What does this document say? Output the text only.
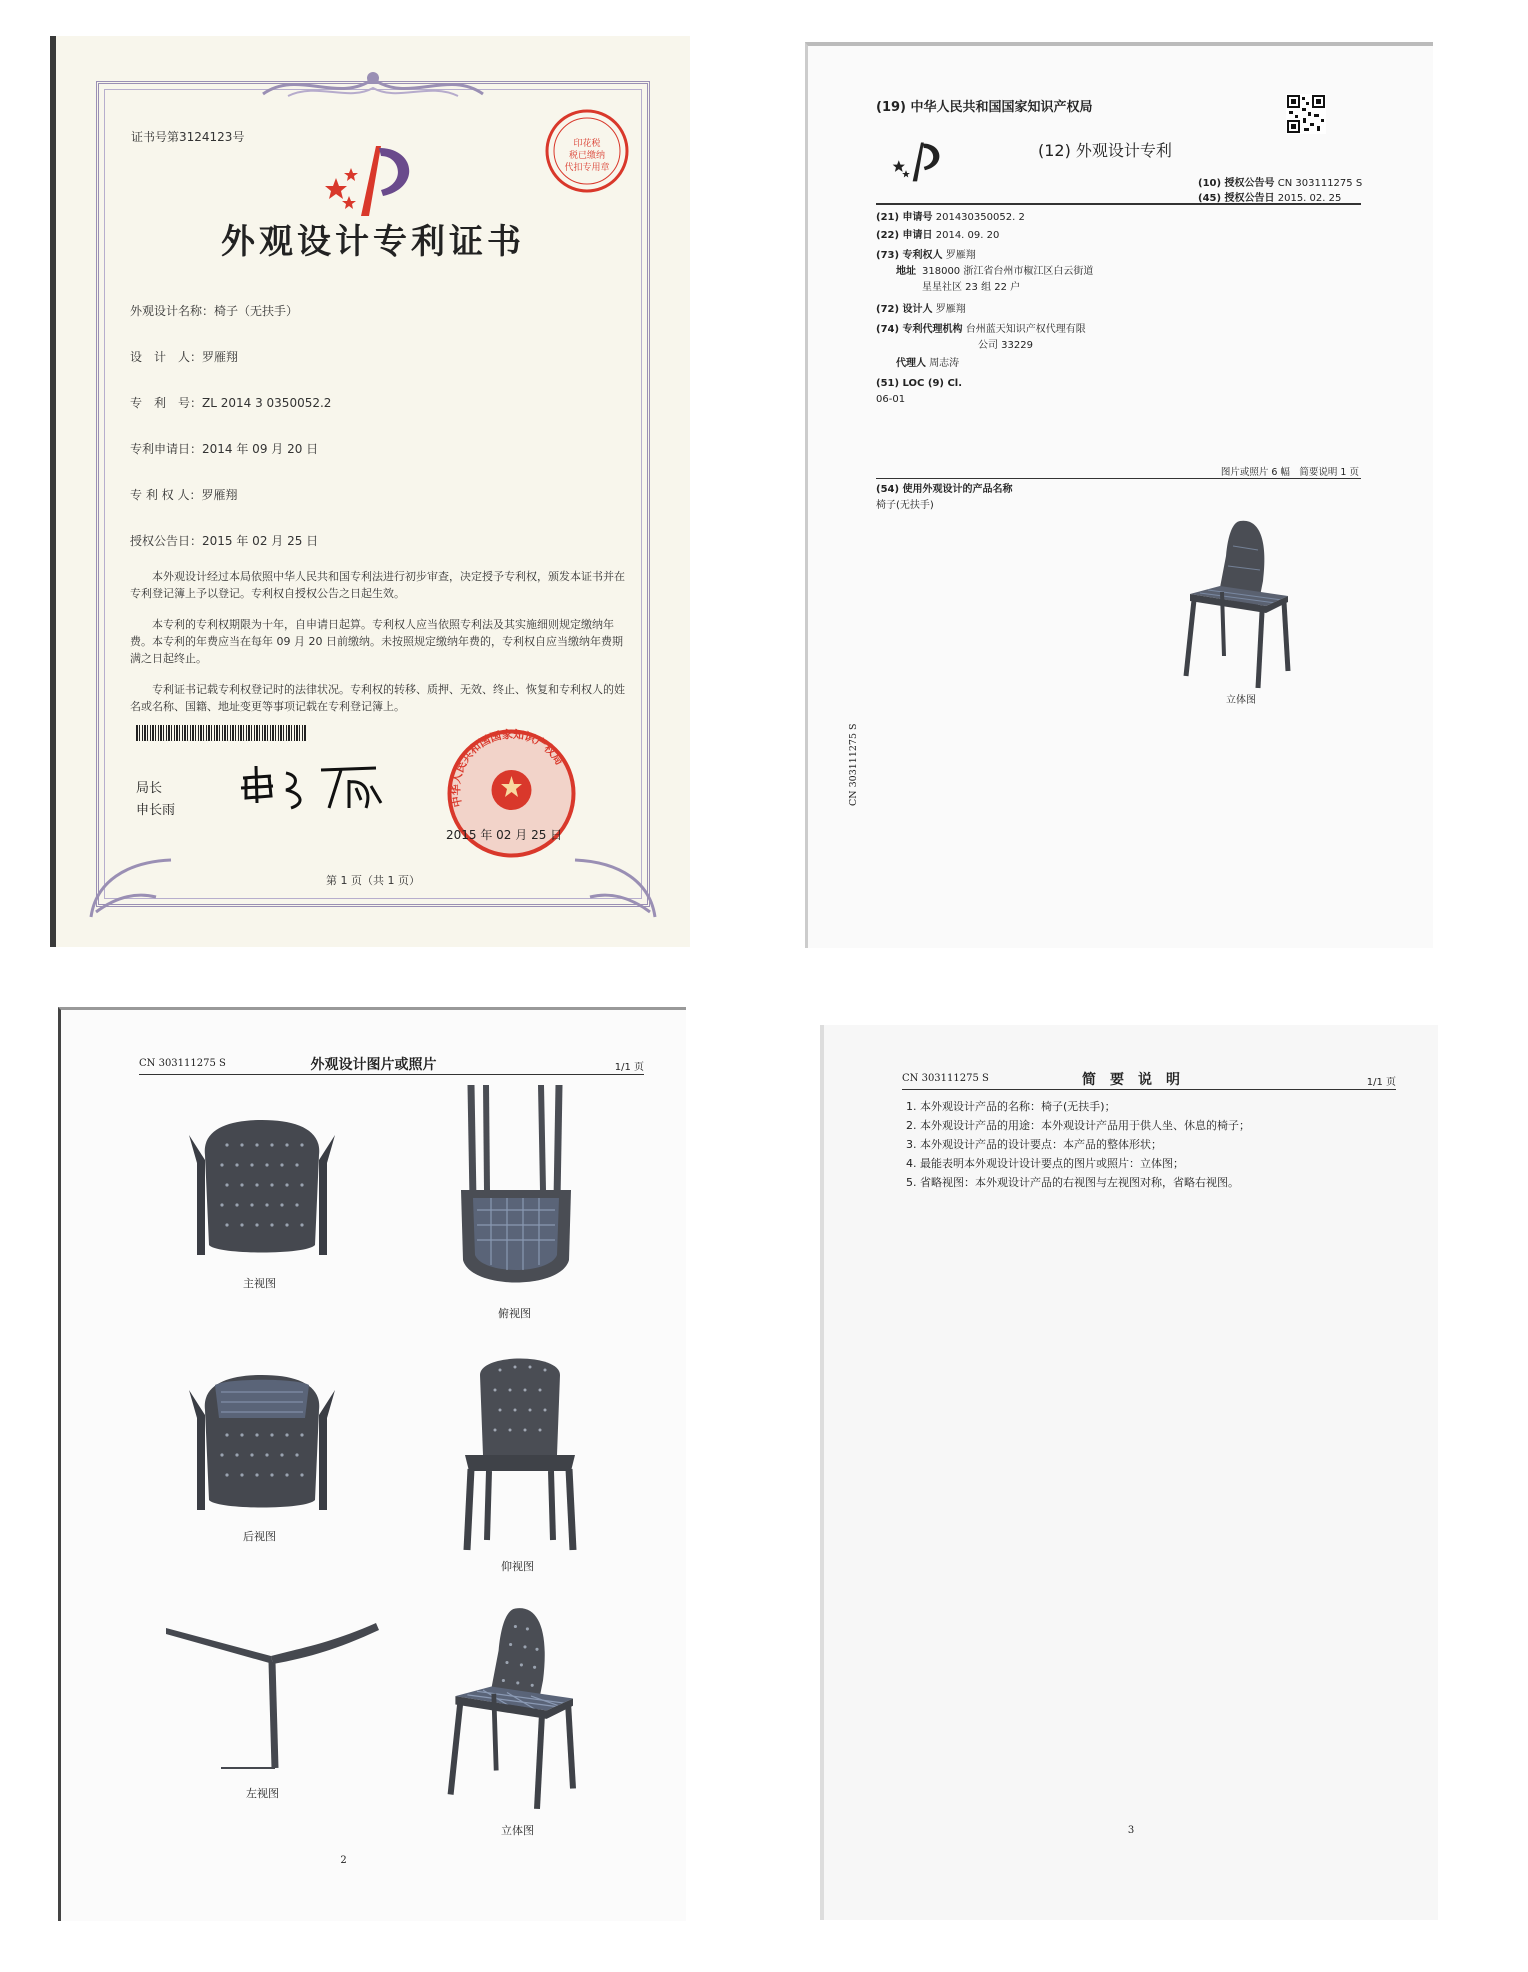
证书号第3124123号	印花税
税已缴纳
代扣专用章
外观设计专利证书
外观设计名称：椅子（无扶手）
设　计　人：罗雁翔
专　利　号：ZL 2014 3 0350052.2
专利申请日：2014 年 09 月 20 日
专 利 权 人：罗雁翔
授权公告日：2015 年 02 月 25 日
本外观设计经过本局依照中华人民共和国专利法进行初步审查，决定授予专利权，颁发本证书并在专利登记簿上予以登记。专利权自授权公告之日起生效。
本专利的专利权期限为十年，自申请日起算。专利权人应当依照专利法及其实施细则规定缴纳年费。本专利的年费应当在每年 09 月 20 日前缴纳。未按照规定缴纳年费的，专利权自应当缴纳年费期满之日起终止。
专利证书记载专利权登记时的法律状况。专利权的转移、质押、无效、终止、恢复和专利权人的姓名或名称、国籍、地址变更等事项记载在专利登记簿上。
局长
申长雨
中华人民共和国国家知识产权局
2015 年 02 月 25 日
第 1 页（共 1 页）
(19) 中华人民共和国国家知识产权局
(12) 外观设计专利
(10) 授权公告号 CN 303111275 S
(45) 授权公告日 2015. 02. 25
(21) 申请号 201430350052. 2
(22) 申请日 2014. 09. 20
(73) 专利权人 罗雁翔
地址 318000 浙江省台州市椒江区白云街道
星星社区 23 组 22 户
(72) 设计人 罗雁翔
(74) 专利代理机构 台州蓝天知识产权代理有限
公司 33229
代理人 周志涛
(51) LOC (9) Cl.
06-01
图片或照片 6 幅　简要说明 1 页
(54) 使用外观设计的产品名称
椅子(无扶手)
立体图
CN 303111275 S
CN 303111275 S	外观设计图片或照片	1/1 页
主视图
俯视图
后视图
仰视图
左视图
立体图
2
CN 303111275 S	简　要　说　明	1/1 页
1. 本外观设计产品的名称：椅子(无扶手)；
2. 本外观设计产品的用途：本外观设计产品用于供人坐、休息的椅子；
3. 本外观设计产品的设计要点：本产品的整体形状；
4. 最能表明本外观设计设计要点的图片或照片：立体图；
5. 省略视图：本外观设计产品的右视图与左视图对称，省略右视图。
3
